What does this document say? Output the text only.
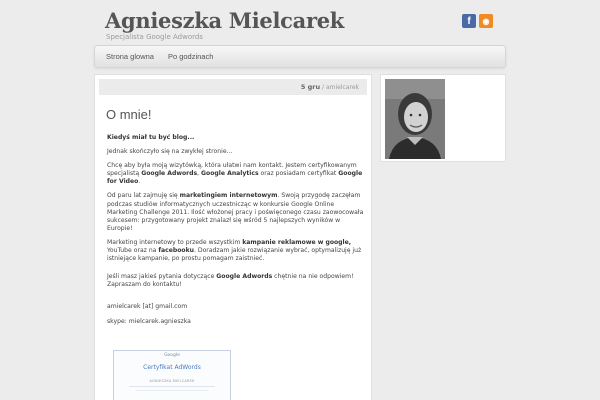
Agnieszka Mielcarek
Specjalista Google Adwords
f	◉
Strona glowna Po godzinach
5 gru / amielcarek
O mnie!

Kiedyś miał tu być blog...

Jednak skończyło się na zwykłej stronie...

Chcę aby była moją wizytówką, która ułatwi nam kontakt. Jestem certyfikowanym specjalistą Google Adwords, Google Analytics oraz posiadam certyfikat Google for Video.

Od paru lat zajmuję się marketingiem internetowym. Swoją przygodę zaczęłam podczas studiów informatycznych uczestnicząc w konkursie Google Online Marketing Challenge 2011. Ilość włożonej pracy i poświęconego czasu zaowocowała sukcesem: przygotowany projekt znalazł się wśród 5 najlepszych wyników w Europie!

Marketing internetowy to przede wszystkim kampanie reklamowe w google, YouTube oraz na facebooku. Doradzam jakie rozwiązanie wybrać, optymalizuję już istniejące kampanie, po prostu pomagam zaistnieć.

Jeśli masz jakieś pytania dotyczące Google Adwords chętnie na nie odpowiem! Zapraszam do kontaktu!

amielcarek [at] gmail.com

skype: mielcarek.agnieszka

Google
Certyfikat AdWords
AGNIESZKA MIELCAREK
